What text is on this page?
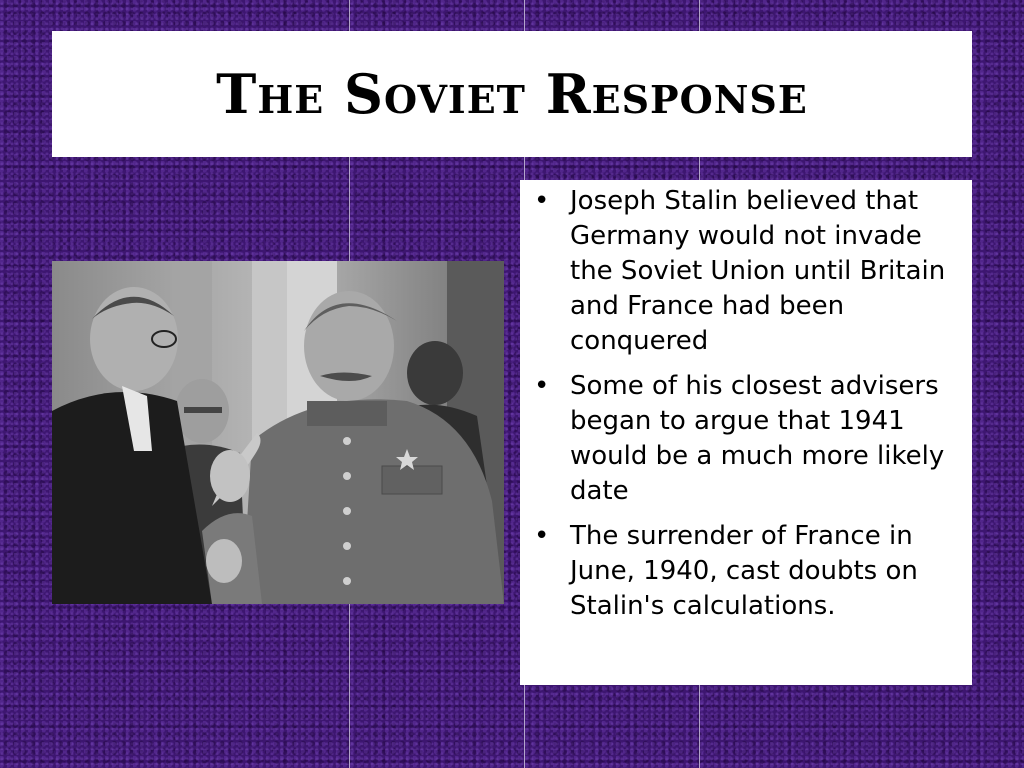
The Soviet Response
• Joseph Stalin believed that Germany would not invade the Soviet Union until Britain and France had been conquered
• Some of his closest advisers began to argue that 1941 would be a much more likely date
• The surrender of France in June, 1940, cast doubts on Stalin's calculations.
